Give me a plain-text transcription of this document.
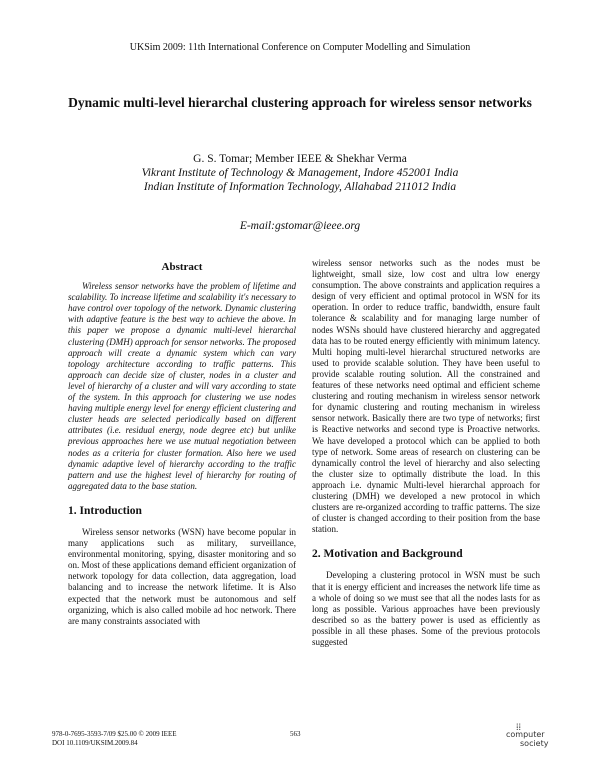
UKSim 2009: 11th International Conference on Computer Modelling and Simulation
Dynamic multi-level hierarchal clustering approach for wireless sensor networks
G. S. Tomar; Member IEEE & Shekhar Verma
Vikrant Institute of Technology & Management, Indore 452001 India
Indian Institute of Information Technology, Allahabad 211012 India
E-mail:gstomar@ieee.org
Abstract

Wireless sensor networks have the problem of lifetime and scalability. To increase lifetime and scalability it's necessary to have control over topology of the network. Dynamic clustering with adaptive feature is the best way to achieve the above. In this paper we propose a dynamic multi-level hierarchal clustering (DMH) approach for sensor networks. The proposed approach will create a dynamic system which can vary topology architecture according to traffic patterns. This approach can decide size of cluster, nodes in a cluster and level of hierarchy of a cluster and will vary according to state of the system. In this approach for clustering we use nodes having multiple energy level for energy efficient clustering and cluster heads are selected periodically based on different attributes (i.e. residual energy, node degree etc) but unlike previous approaches here we use mutual negotiation between nodes as a criteria for cluster formation. Also here we used dynamic adaptive level of hierarchy according to the traffic pattern and use the highest level of hierarchy for routing of aggregated data to the base station.

1. Introduction

Wireless sensor networks (WSN) have become popular in many applications such as military, surveillance, environmental monitoring, spying, disaster monitoring and so on. Most of these applications demand efficient organization of network topology for data collection, data aggregation, load balancing and to increase the network lifetime. It is Also expected that the network must be autonomous and self organizing, which is also called mobile ad hoc network. There are many constraints associated with

wireless sensor networks such as the nodes must be lightweight, small size, low cost and ultra low energy consumption. The above constraints and application requires a design of very efficient and optimal protocol in WSN for its operation. In order to reduce traffic, bandwidth, ensure fault tolerance & scalability and for managing large number of nodes WSNs should have clustered hierarchy and aggregated data has to be routed energy efficiently with minimum latency. Multi hoping multi-level hierarchal structured networks are used to provide scalable solution. They have been useful to provide scalable routing solution. All the constrained and features of these networks need optimal and efficient scheme clustering and routing mechanism in wireless sensor network for dynamic clustering and routing mechanism in wireless sensor network. Basically there are two type of networks; first is Reactive networks and second type is Proactive networks. We have developed a protocol which can be applied to both type of network. Some areas of research on clustering can be dynamically control the level of hierarchy and also selecting the cluster size to optimally distribute the load. In this approach i.e. dynamic Multi-level hierarchal approach for clustering (DMH) we developed a new protocol in which clusters are re-organized according to traffic patterns. The size of cluster is changed according to their position from the base station.

2. Motivation and Background

Developing a clustering protocol in WSN must be such that it is energy efficient and increases the network life time as a whole of doing so we must see that all the nodes lasts for as long as possible. Various approaches have been previously described so as the battery power is used as efficiently as possible in all these phases. Some of the previous protocols suggested

978-0-7695-3593-7/09 $25.00 © 2009 IEEE
DOI 10.1109/UKSIM.2009.84
563
⁞⁞
computer
society
